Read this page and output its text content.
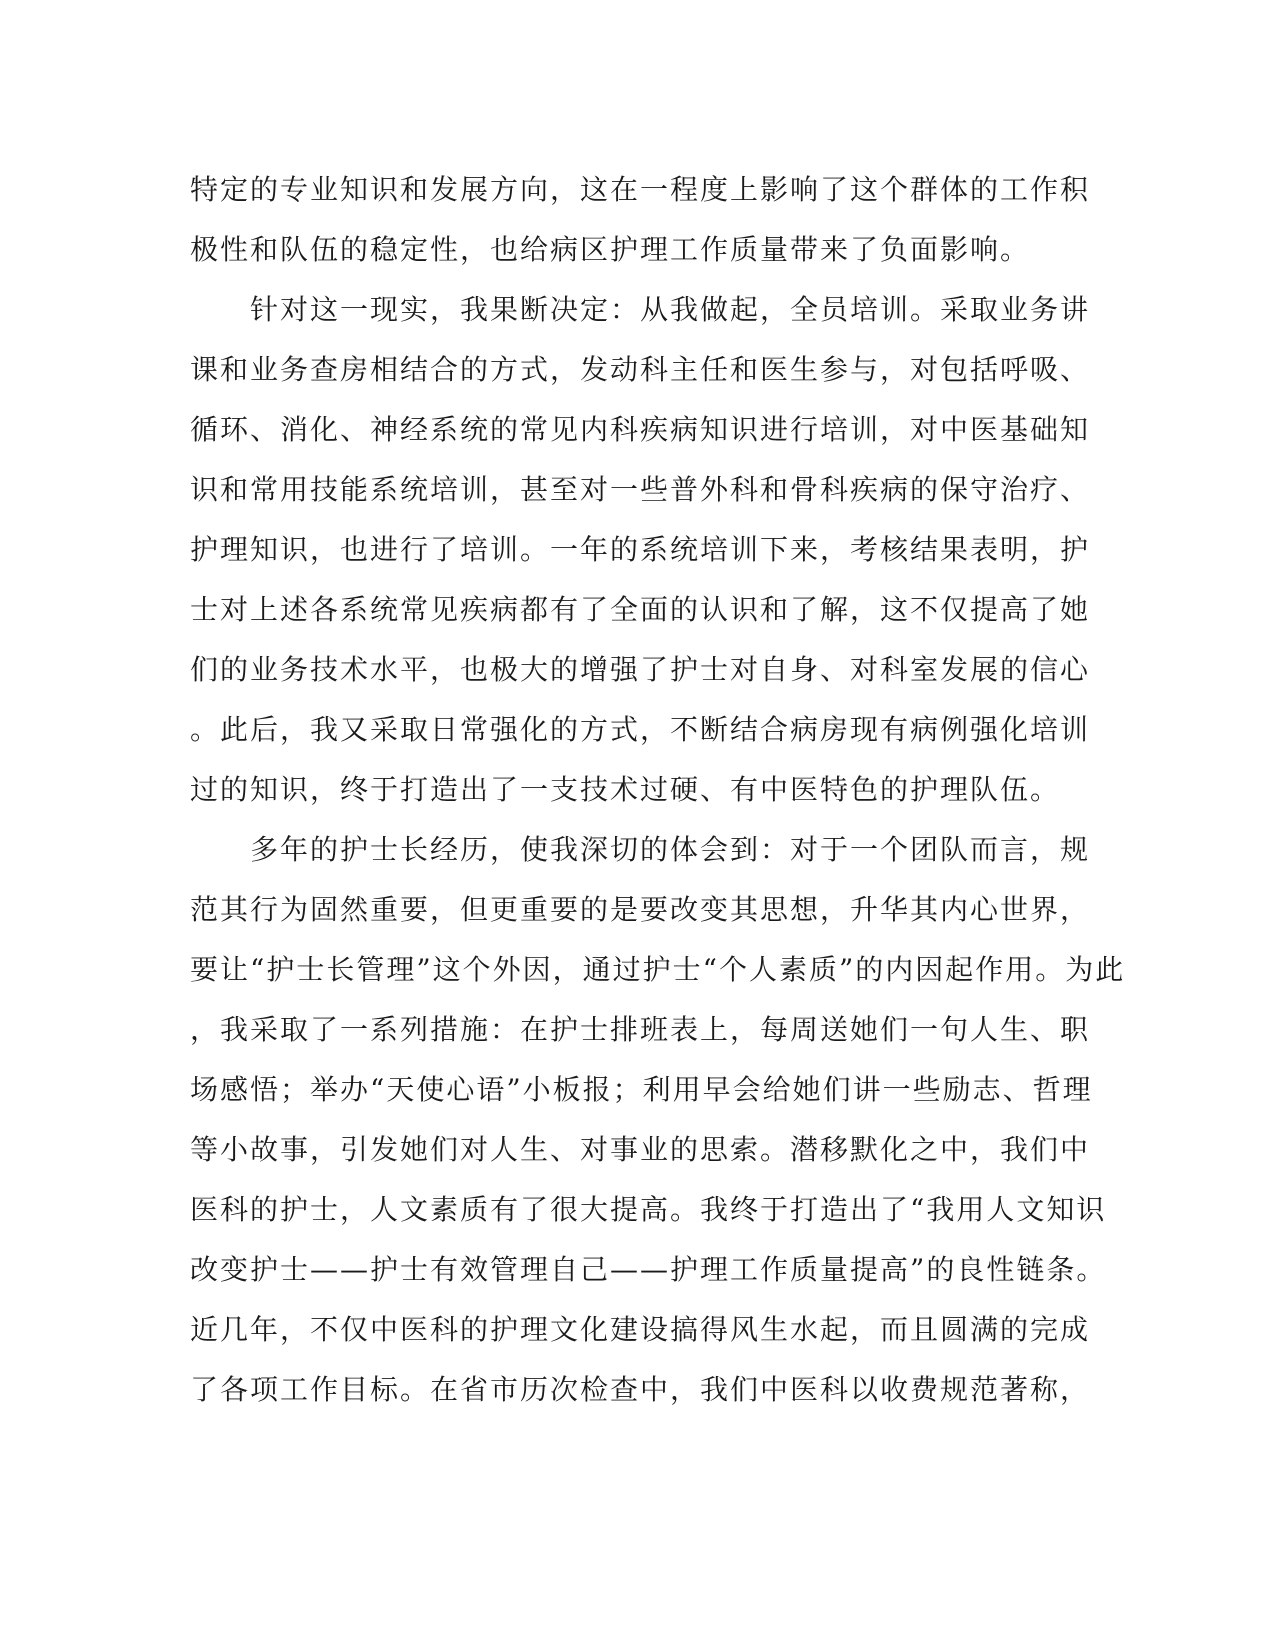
特定的专业知识和发展方向，这在一程度上影响了这个群体的工作积
极性和队伍的稳定性，也给病区护理工作质量带来了负面影响。
　　针对这一现实，我果断决定：从我做起，全员培训。采取业务讲
课和业务查房相结合的方式，发动科主任和医生参与，对包括呼吸、
循环、消化、神经系统的常见内科疾病知识进行培训，对中医基础知
识和常用技能系统培训，甚至对一些普外科和骨科疾病的保守治疗、
护理知识，也进行了培训。一年的系统培训下来，考核结果表明，护
士对上述各系统常见疾病都有了全面的认识和了解，这不仅提高了她
们的业务技术水平，也极大的增强了护士对自身、对科室发展的信心
。此后，我又采取日常强化的方式，不断结合病房现有病例强化培训
过的知识，终于打造出了一支技术过硬、有中医特色的护理队伍。
　　多年的护士长经历，使我深切的体会到：对于一个团队而言，规
范其行为固然重要，但更重要的是要改变其思想，升华其内心世界，
要让“护士长管理”这个外因，通过护士“个人素质”的内因起作用。为此
，我采取了一系列措施：在护士排班表上，每周送她们一句人生、职
场感悟；举办“天使心语”小板报；利用早会给她们讲一些励志、哲理
等小故事，引发她们对人生、对事业的思索。潜移默化之中，我们中
医科的护士，人文素质有了很大提高。我终于打造出了“我用人文知识
改变护士——护士有效管理自己——护理工作质量提高”的良性链条。
近几年，不仅中医科的护理文化建设搞得风生水起，而且圆满的完成
了各项工作目标。在省市历次检查中，我们中医科以收费规范著称，
